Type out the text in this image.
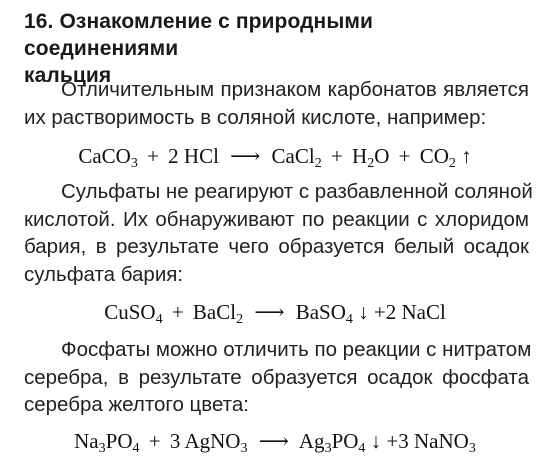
16. Ознакомление с природными соединениями
кальция
Отличительным признаком карбонатов является
их растворимость в соляной кислоте, например:
CaCO$_3$ + 2 HCl ⟶ CaCl$_2$ + $H_2O + CO_2$ ↑
Сульфаты не реагируют с разбавленной соляной
кислотой. Их обнаруживают по реакции с хлоридом
бария, в результате чего образуется белый осадок
сульфата бария:
CuSO$_4$ + BaCl$_2$ ⟶ BaSO$_4$ ↓ +2 NaCl
Фосфаты можно отличить по реакции с нитратом
серебра, в результате образуется осадок фосфата
серебра желтого цвета:
$Na_3PO_4 + 3$ AgNO$_3$ ⟶ $Ag_3PO_4$ ↓ +3 NaNO$_3$
